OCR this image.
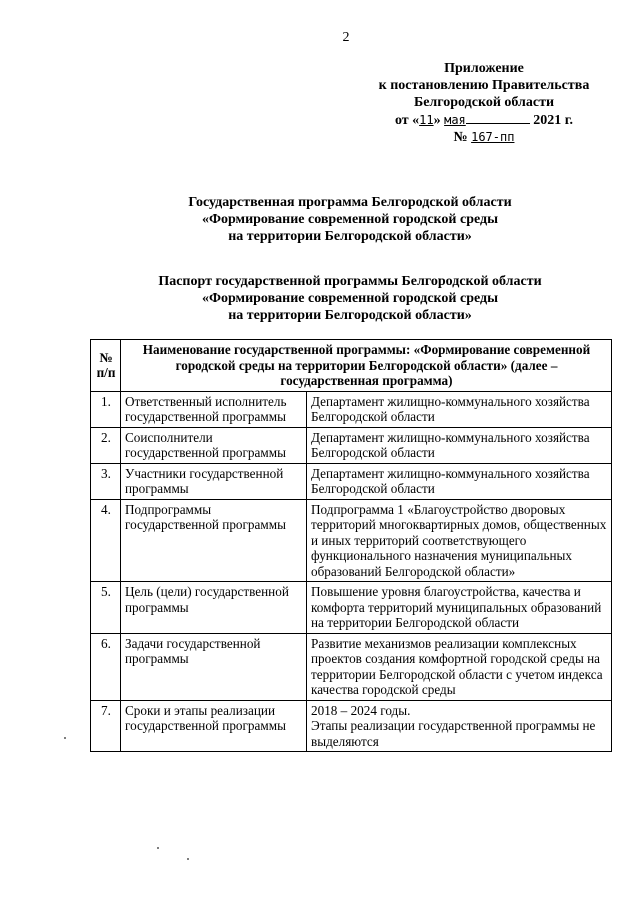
2
Приложение
к постановлению Правительства
Белгородской области
от «11» мая	2021 г.
№ 167-пп
Государственная программа Белгородской области
«Формирование современной городской среды
на территории Белгородской области»
Паспорт государственной программы Белгородской области
«Формирование современной городской среды
на территории Белгородской области»
№ п/п	Наименование государственной программы: «Формирование современной городской среды на территории Белгородской области» (далее – государственная программа)	
1.	Ответственный исполнитель государственной программы	Департамент жилищно-коммунального хозяйства Белгородской области
2.	Соисполнители государственной программы	Департамент жилищно-коммунального хозяйства Белгородской области
3.	Участники государственной программы	Департамент жилищно-коммунального хозяйства Белгородской области
4.	Подпрограммы государственной программы	Подпрограмма 1 «Благоустройство дворовых территорий многоквартирных домов, общественных и иных территорий соответствующего функционального назначения муниципальных образований Белгородской области»
5.	Цель (цели) государственной программы	Повышение уровня благоустройства, качества и комфорта территорий муниципальных образований на территории Белгородской области
6.	Задачи государственной программы	Развитие механизмов реализации комплексных проектов создания комфортной городской среды на территории Белгородской области с учетом индекса качества городской среды
7.	Сроки и этапы реализации государственной программы	2018 – 2024 годы.
Этапы реализации государственной программы не выделяются
